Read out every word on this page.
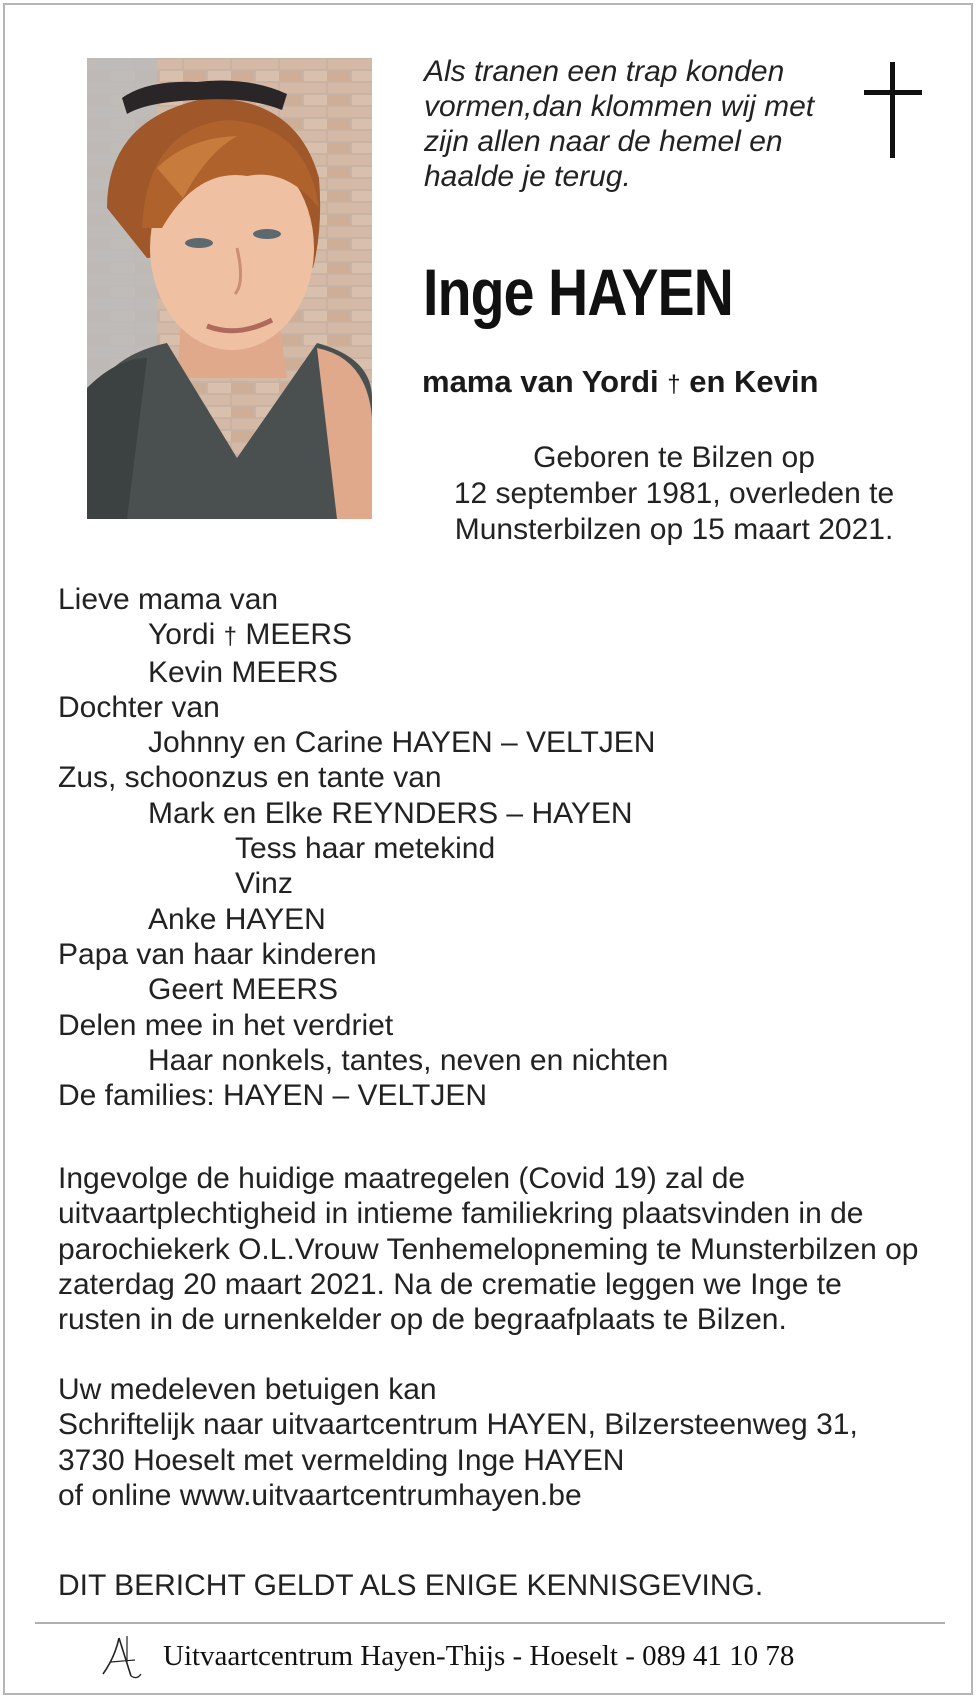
Als tranen een trap konden vormen,dan klommen wij met zijn allen naar de hemel en haalde je terug.
Inge HAYEN
mama van Yordi † en Kevin
Geboren te Bilzen op
12 september 1981, overleden te
Munsterbilzen op 15 maart 2021.
Lieve mama van
Yordi † MEERS
Kevin MEERS
Dochter van
Johnny en Carine HAYEN – VELTJEN
Zus, schoonzus en tante van
Mark en Elke REYNDERS – HAYEN
Tess haar metekind
Vinz
Anke HAYEN
Papa van haar kinderen
Geert MEERS
Delen mee in het verdriet
Haar nonkels, tantes, neven en nichten
De families: HAYEN – VELTJEN
Ingevolge de huidige maatregelen (Covid 19) zal de uitvaartplechtigheid in intieme familiekring plaatsvinden in de parochiekerk O.L.Vrouw Tenhemelopneming te Munsterbilzen op zaterdag 20 maart 2021. Na de crematie leggen we Inge te rusten in de urnenkelder op de begraafplaats te Bilzen.
Uw medeleven betuigen kan
Schriftelijk naar uitvaartcentrum HAYEN, Bilzersteenweg 31,
3730 Hoeselt met vermelding Inge HAYEN
of online www.uitvaartcentrumhayen.be
DIT BERICHT GELDT ALS ENIGE KENNISGEVING.
Uitvaartcentrum Hayen-Thijs - Hoeselt - 089 41 10 78
